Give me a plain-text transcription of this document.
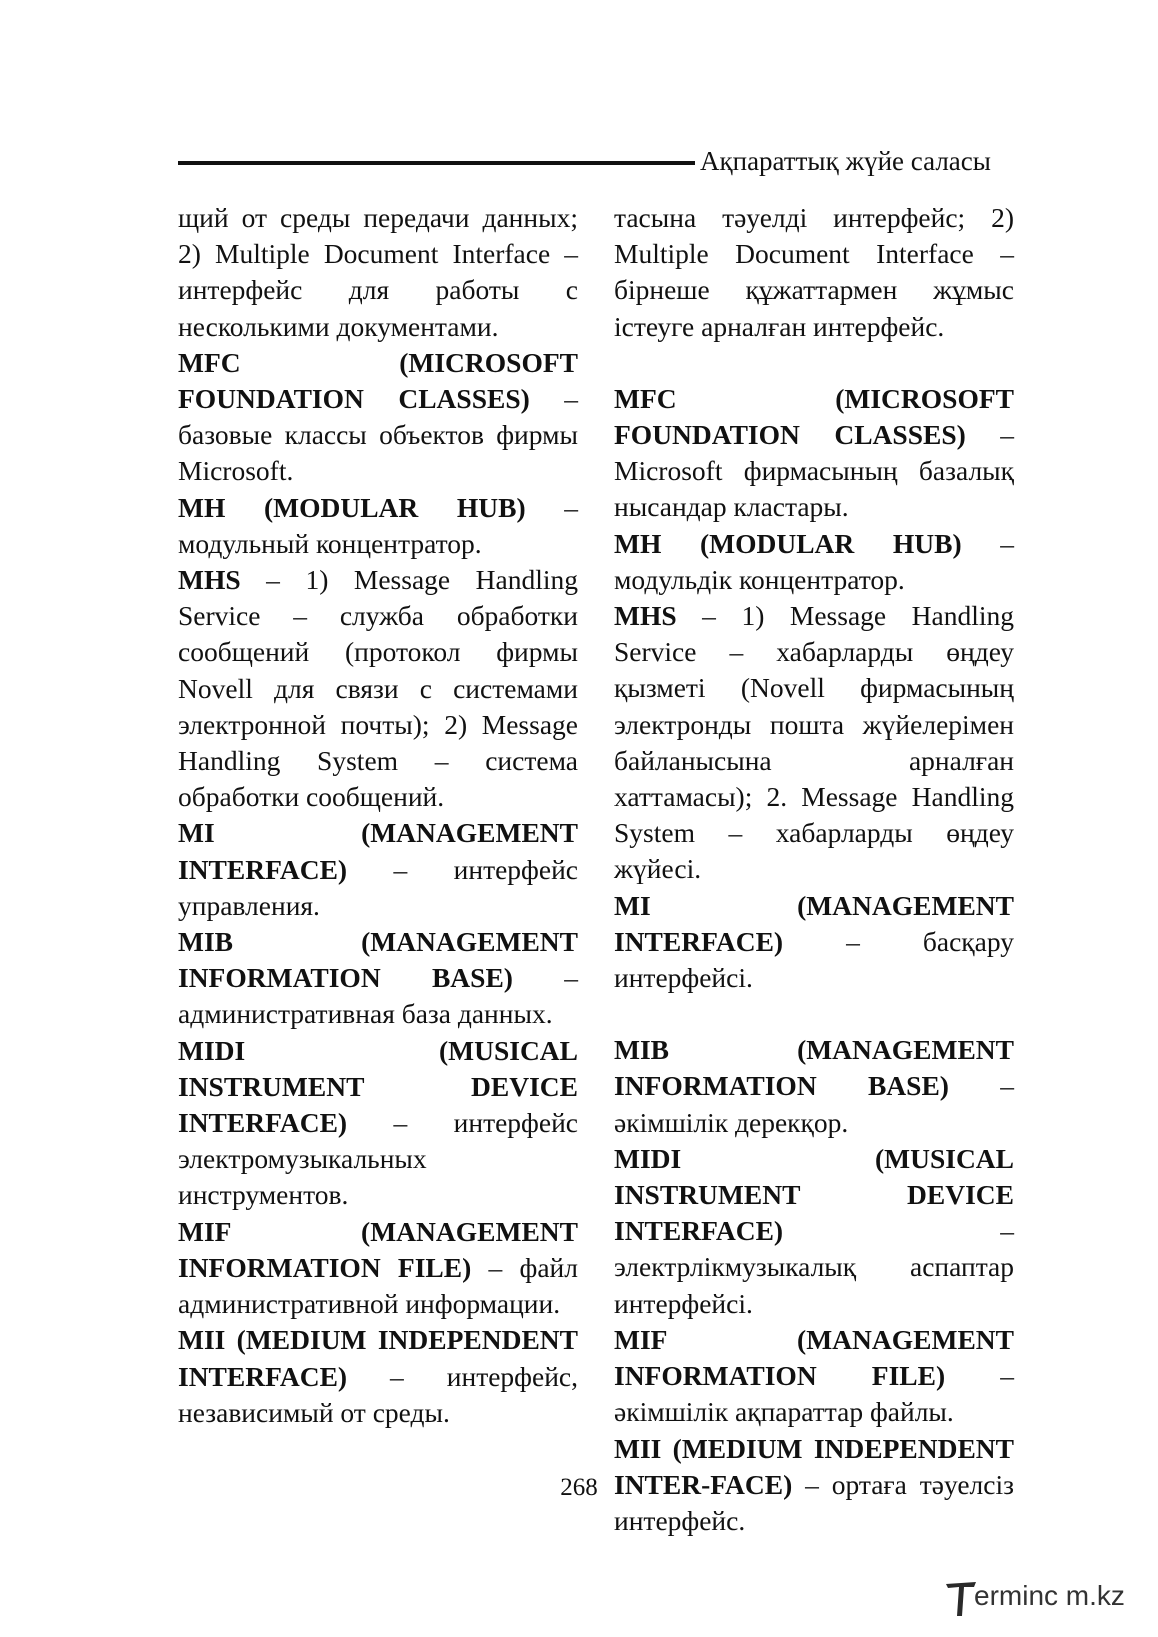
Ақпараттық жүйе саласы

щий от среды передачи данных; 2) Multiple Document Interface – интерфейс для работы с несколькими документами.

MFC (MICROSOFT FOUNDATION CLASSES) – базовые классы объектов фирмы Microsoft.

MH (MODULAR HUB) – модульный концентратор.

MHS – 1) Message Handling Service – служба обработки сообщений (протокол фирмы Novell для связи с системами электронной почты); 2) Message Handling System – система обработки сообщений.

MI (MANAGEMENT INTERFACE) – интерфейс управления.

MIB (MANAGEMENT INFORMATION BASE) – административная база данных.

MIDI (MUSICAL INSTRUMENT DEVICE INTERFACE) – интерфейс электромузыкальных инструментов.

MIF (MANAGEMENT INFORMATION FILE) – файл административной информации.

MII (MEDIUM INDEPENDENT INTERFACE) – интерфейс, независимый от среды.

тасына тәуелді интерфейс; 2) Multiple Document Interface – бірнеше құжаттармен жұмыс істеуге арналған интерфейс.

MFC (MICROSOFT FOUNDATION CLASSES) – Microsoft фирмасының базалық нысандар кластары.

MH (MODULAR HUB) – модульдік концентратор.

MHS – 1) Message Handling Service – хабарларды өңдеу қызметі (Novell фирмасының электронды пошта жүйелерімен байланысына арналған хаттамасы); 2. Message Handling System – хабарларды өңдеу жүйесі.

MI (MANAGEMENT INTERFACE) – басқару интерфейсі.

MIB (MANAGEMENT INFORMATION BASE) – әкімшілік дерекқор.

MIDI (MUSICAL INSTRUMENT DEVICE INTERFACE) – электрлікмузыкалық аспаптар интерфейсі.

MIF (MANAGEMENT INFORMATION FILE) – әкімшілік ақпараттар файлы.

MII (MEDIUM INDEPENDENT INTER-FACE) – ортаға тәуелсіз интерфейс.

268
erminc m.kz
